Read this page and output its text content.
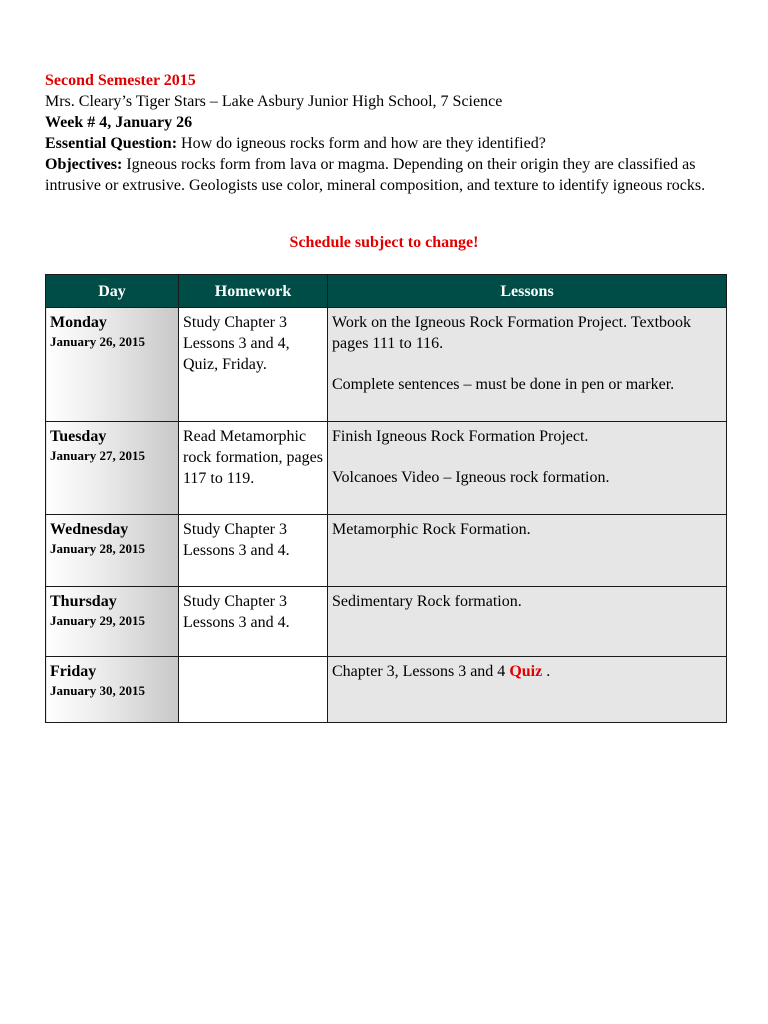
Second Semester 2015

Mrs. Cleary’s Tiger Stars – Lake Asbury Junior High School, 7 Science

Week # 4, January 26

Essential Question: How do igneous rocks form and how are they identified?

Objectives: Igneous rocks form from lava or magma. Depending on their origin they are classified as intrusive or extrusive. Geologists use color, mineral composition, and texture to identify igneous rocks.

Schedule subject to change!
Day	Homework	Lessons

Monday
January 26, 2015	Study Chapter 3 Lessons 3 and 4, Quiz, Friday.	Work on the Igneous Rock Formation Project. Textbook pages 111 to 116.
Complete sentences – must be done in pen or marker.

Tuesday
January 27, 2015	Read Metamorphic rock formation, pages 117 to 119.	Finish Igneous Rock Formation Project.
Volcanoes Video – Igneous rock formation.

Wednesday
January 28, 2015	Study Chapter 3 Lessons 3 and 4.	Metamorphic Rock Formation.

Thursday
January 29, 2015	Study Chapter 3 Lessons 3 and 4.	Sedimentary Rock formation.

Friday
January 30, 2015		Chapter 3, Lessons 3 and 4 Quiz .
